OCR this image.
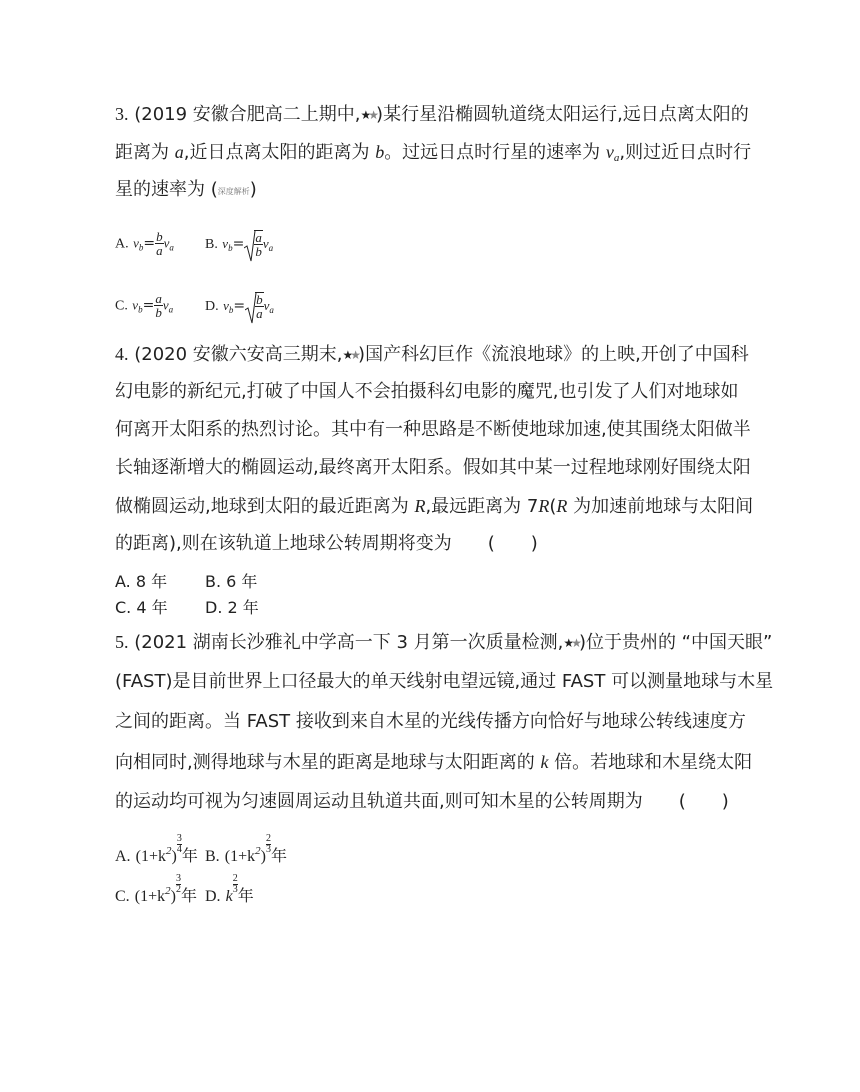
3. (2019 安徽合肥高二上期中,★★)某行星沿椭圆轨道绕太阳运行,远日点离太阳的
距离为 a,近日点离太阳的距离为 b。过远日点时行星的速率为 $v_a$,则过近日点时行
星的速率为 (深度解析)
A. $v_b= \frac{b}{a} v_a$ B. $v_b= \frac{a}{b} v_a$
C. $v_b= \frac{a}{b} v_a$ D. $v_b= \frac{b}{a} v_a$
4. (2020 安徽六安高三期末,★★)国产科幻巨作《流浪地球》的上映,开创了中国科
幻电影的新纪元,打破了中国人不会拍摄科幻电影的魔咒,也引发了人们对地球如
何离开太阳系的热烈讨论。其中有一种思路是不断使地球加速,使其围绕太阳做半
长轴逐渐增大的椭圆运动,最终离开太阳系。假如其中某一过程地球刚好围绕太阳
做椭圆运动,地球到太阳的最近距离为 R,最远距离为 7R(R 为加速前地球与太阳间
的距离),则在该轨道上地球公转周期将变为　　(　　)
A. 8 年 B. 6 年
C. 4 年 D. 2 年
5. (2021 湖南长沙雅礼中学高一下 3 月第一次质量检测,★★)位于贵州的 “中国天眼”
(FAST)是目前世界上口径最大的单天线射电望远镜,通过 FAST 可以测量地球与木星
之间的距离。当 FAST 接收到来自木星的光线传播方向恰好与地球公转线速度方
向相同时,测得地球与木星的距离是地球与太阳距离的 k 倍。若地球和木星绕太阳
的运动均可视为匀速圆周运动且轨道共面,则可知木星的公转周期为　　(　　)
A. $(1+k^2)$
$\frac{3}{4}$
年 B. $(1+k^2)$
$\frac{2}{3}$
年
C. $(1+k^2)$
$\frac{3}{2}$
年 D. k
$\frac{2}{3}$
年
